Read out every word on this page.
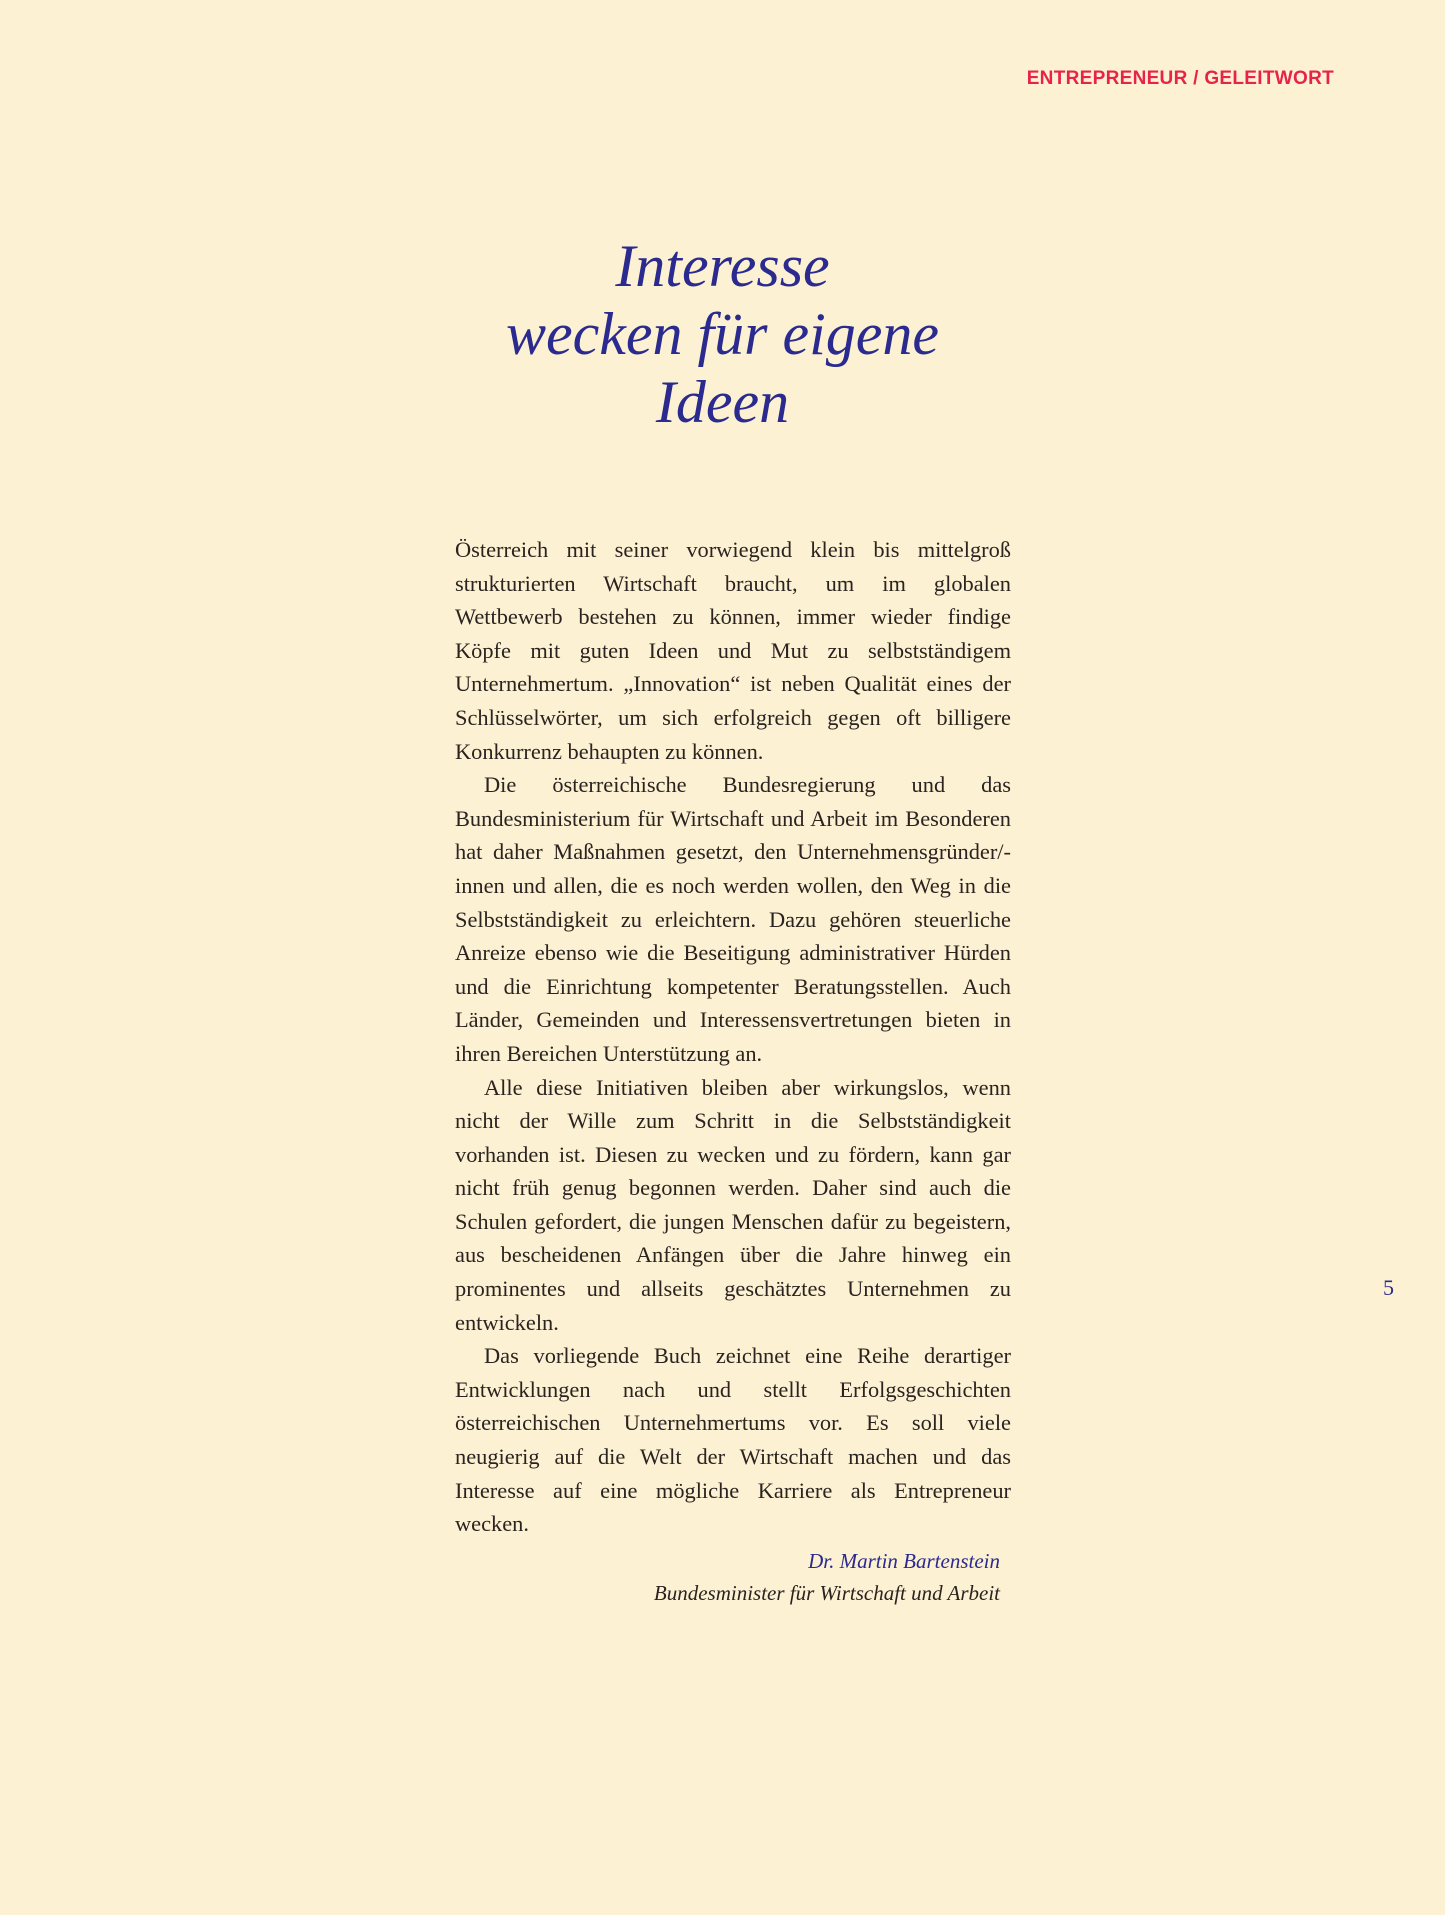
ENTREPRENEUR / GELEITWORT
Interesse
wecken für eigene
Ideen

Österreich mit seiner vorwiegend klein bis mittelgroß strukturierten Wirtschaft braucht, um im globalen Wettbewerb bestehen zu können, immer wieder findige Köpfe mit guten Ideen und Mut zu selbstständigem Unternehmertum. „Innovation“ ist neben Qualität eines der Schlüsselwörter, um sich erfolgreich gegen oft billigere Konkurrenz behaupten zu können.

Die österreichische Bundesregierung und das Bundesministerium für Wirtschaft und Arbeit im Besonderen hat daher Maßnahmen gesetzt, den Unternehmensgründer/-innen und allen, die es noch werden wollen, den Weg in die Selbstständigkeit zu erleichtern. Dazu gehören steuerliche Anreize ebenso wie die Beseitigung administrativer Hürden und die Einrichtung kompetenter Beratungsstellen. Auch Länder, Gemeinden und Interessensvertretungen bieten in ihren Bereichen Unterstützung an.

Alle diese Initiativen bleiben aber wirkungslos, wenn nicht der Wille zum Schritt in die Selbstständigkeit vorhanden ist. Diesen zu wecken und zu fördern, kann gar nicht früh genug begonnen werden. Daher sind auch die Schulen gefordert, die jungen Menschen dafür zu begeistern, aus bescheidenen Anfängen über die Jahre hinweg ein prominentes und allseits geschätztes Unternehmen zu entwickeln.

Das vorliegende Buch zeichnet eine Reihe derartiger Entwicklungen nach und stellt Erfolgsgeschichten österreichischen Unternehmertums vor. Es soll viele neugierig auf die Welt der Wirtschaft machen und das Interesse auf eine mögliche Karriere als Entrepreneur wecken.

5
Dr. Martin Bartenstein
Bundesminister für Wirtschaft und Arbeit
